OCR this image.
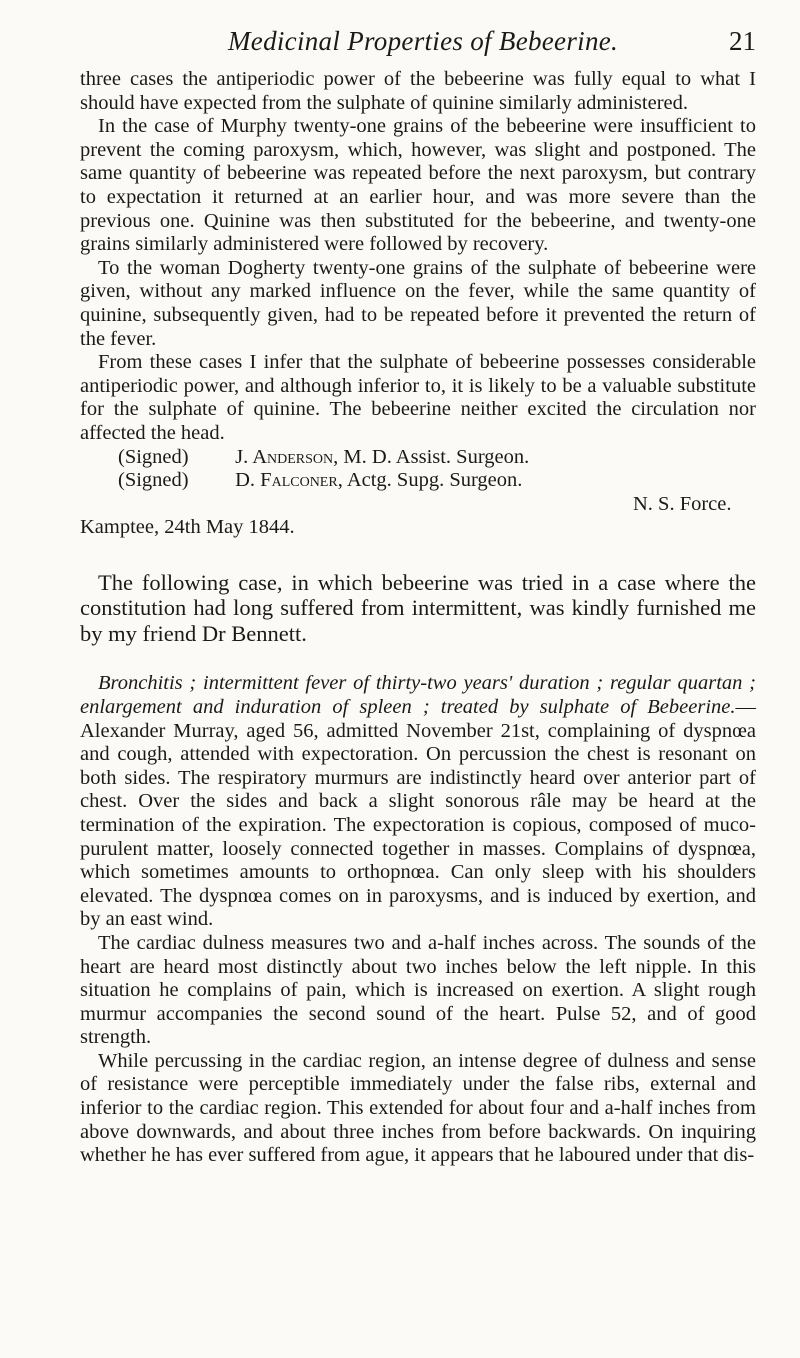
Medicinal Properties of Bebeerine.	21

three cases the antiperiodic power of the bebeerine was fully equal to what I should have expected from the sulphate of quinine similarly administered.

In the case of Murphy twenty-one grains of the bebeerine were insufficient to prevent the coming paroxysm, which, however, was slight and postponed. The same quantity of bebeerine was repeated before the next paroxysm, but contrary to expectation it returned at an earlier hour, and was more severe than the previous one. Quinine was then substituted for the bebeerine, and twenty-one grains similarly administered were followed by recovery.

To the woman Dogherty twenty-one grains of the sulphate of bebeerine were given, without any marked influence on the fever, while the same quantity of quinine, subsequently given, had to be repeated before it prevented the return of the fever.

From these cases I infer that the sulphate of bebeerine possesses considerable antiperiodic power, and although inferior to, it is likely to be a valuable substitute for the sulphate of quinine. The bebeerine neither excited the circulation nor affected the head.

(Signed) J. Anderson, M. D. Assist. Surgeon.
(Signed) D. Falconer, Actg. Supg. Surgeon.
N. S. Force.

Kamptee, 24th May 1844.

The following case, in which bebeerine was tried in a case where the constitution had long suffered from intermittent, was kindly furnished me by my friend Dr Bennett.

Bronchitis ; intermittent fever of thirty-two years' duration ; regular quartan ; enlargement and induration of spleen ; treated by sulphate of Bebeerine.—Alexander Murray, aged 56, admitted November 21st, complaining of dyspnœa and cough, attended with expectoration. On percussion the chest is resonant on both sides. The respiratory murmurs are indistinctly heard over anterior part of chest. Over the sides and back a slight sonorous râle may be heard at the termination of the expiration. The expectoration is copious, composed of muco-purulent matter, loosely connected together in masses. Complains of dyspnœa, which sometimes amounts to orthopnœa. Can only sleep with his shoulders elevated. The dyspnœa comes on in paroxysms, and is induced by exertion, and by an east wind.

The cardiac dulness measures two and a-half inches across. The sounds of the heart are heard most distinctly about two inches below the left nipple. In this situation he complains of pain, which is increased on exertion. A slight rough murmur accompanies the second sound of the heart. Pulse 52, and of good strength.

While percussing in the cardiac region, an intense degree of dulness and sense of resistance were perceptible immediately under the false ribs, external and inferior to the cardiac region. This extended for about four and a-half inches from above downwards, and about three inches from before backwards. On inquiring whether he has ever suffered from ague, it appears that he laboured under that dis-
